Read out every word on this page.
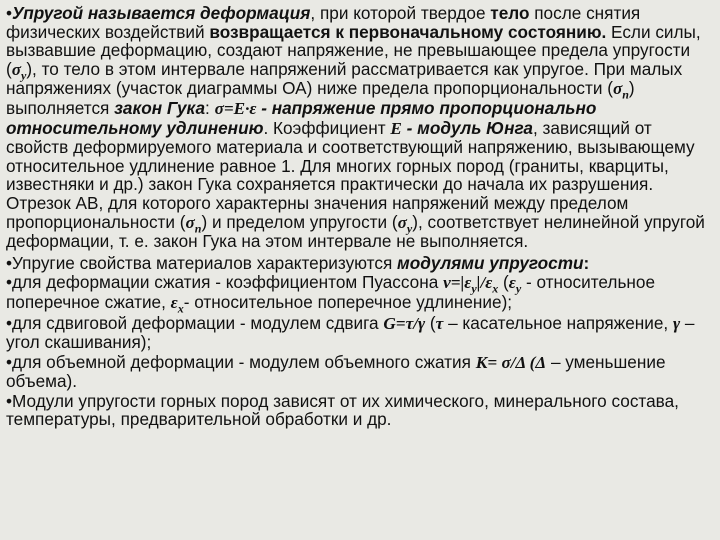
•Упругой называется деформация, при которой твердое тело после снятия физических воздействий возвращается к первоначальному состоянию. Если силы, вызвавшие деформацию, создают напряжение, не превышающее предела упругости $(\sigma_у)$, то тело в этом интервале напряжений рассматривается как упругое. При малых напряжениях (участок диаграммы ОА) ниже предела пропорциональности $(\sigma_п)$ выполняется закон Гука: σ=Е·ε - напряжение прямо пропорционально относительному удлинению. Коэффициент Е - модуль Юнга, зависящий от свойств деформируемого материала и соответствующий напряжению, вызывающему относительное удлинение равное 1. Для многих горных пород (граниты, кварциты, известняки и др.) закон Гука сохраняется практически до начала их разрушения. Отрезок АВ, для которого характерны значения напряжений между пределом пропорциональности $(\sigma_п)$ и пределом упругости $(\sigma_у)$, соответствует нелинейной упругой деформации, т. е. закон Гука на этом интервале не выполняется.

•Упругие свойства материалов характеризуются модулями упругости:

•для деформации сжатия - коэффициентом Пуассона $\nu=|\varepsilon_y|/\varepsilon_x$ ($\varepsilon_y$ - относительное поперечное сжатие, $\varepsilon_x-$ относительное поперечное удлинение);

•для сдвиговой деформации - модулем сдвига G=τ/γ (τ – касательное напряжение, γ – угол скашивания);

•для объемной деформации - модулем объемного сжатия К= σ/Δ (Δ – уменьшение объема).

•Модули упругости горных пород зависят от их химического, минерального состава, температуры, предварительной обработки и др.
